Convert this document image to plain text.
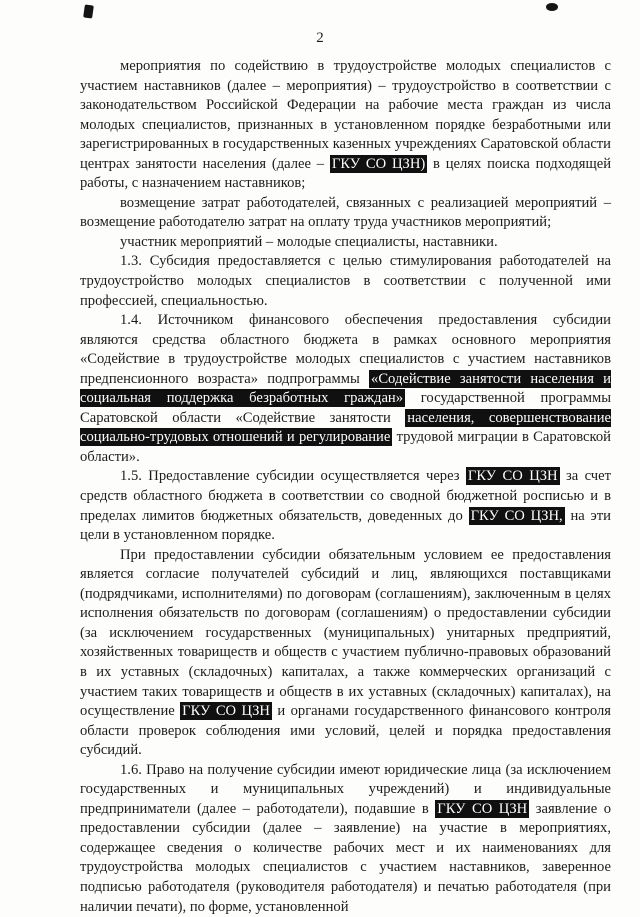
2

мероприятия по содействию в трудоустройстве молодых специалистов с участием наставников (далее – мероприятия) – трудоустройство в соответствии с законодательством Российской Федерации на рабочие места граждан из числа молодых специалистов, признанных в установленном порядке безработными или зарегистрированных в государственных казенных учреждениях Саратовской области центрах занятости населения (далее – ГКУ СО ЦЗН) в целях поиска подходящей работы, с назначением наставников;

возмещение затрат работодателей, связанных с реализацией мероприятий – возмещение работодателю затрат на оплату труда участников мероприятий;

участник мероприятий – молодые специалисты, наставники.

1.3. Субсидия предоставляется с целью стимулирования работодателей на трудоустройство молодых специалистов в соответствии с полученной ими профессией, специальностью.

1.4. Источником финансового обеспечения предоставления субсидии являются средства областного бюджета в рамках основного мероприятия «Содействие в трудоустройстве молодых специалистов с участием наставников предпенсионного возраста» подпрограммы «Содействие занятости населения и социальная поддержка безработных граждан» государственной программы Саратовской области «Содействие занятости населения, совершенствование социально-трудовых отношений и регулирование трудовой миграции в Саратовской области».

1.5. Предоставление субсидии осуществляется через ГКУ СО ЦЗН за счет средств областного бюджета в соответствии со сводной бюджетной росписью и в пределах лимитов бюджетных обязательств, доведенных до ГКУ СО ЦЗН, на эти цели в установленном порядке.

При предоставлении субсидии обязательным условием ее предоставления является согласие получателей субсидий и лиц, являющихся поставщиками (подрядчиками, исполнителями) по договорам (соглашениям), заключенным в целях исполнения обязательств по договорам (соглашениям) о предоставлении субсидии (за исключением государственных (муниципальных) унитарных предприятий, хозяйственных товариществ и обществ с участием публично-правовых образований в их уставных (складочных) капиталах, а также коммерческих организаций с участием таких товариществ и обществ в их уставных (складочных) капиталах), на осуществление ГКУ СО ЦЗН и органами государственного финансового контроля области проверок соблюдения ими условий, целей и порядка предоставления субсидий.

1.6. Право на получение субсидии имеют юридические лица (за исключением государственных и муниципальных учреждений) и индивидуальные предприниматели (далее – работодатели), подавшие в ГКУ СО ЦЗН заявление о предоставлении субсидии (далее – заявление) на участие в мероприятиях, содержащее сведения о количестве рабочих мест и их наименованиях для трудоустройства молодых специалистов с участием наставников, заверенное подписью работодателя (руководителя работодателя) и печатью работодателя (при наличии печати), по форме, установленной
